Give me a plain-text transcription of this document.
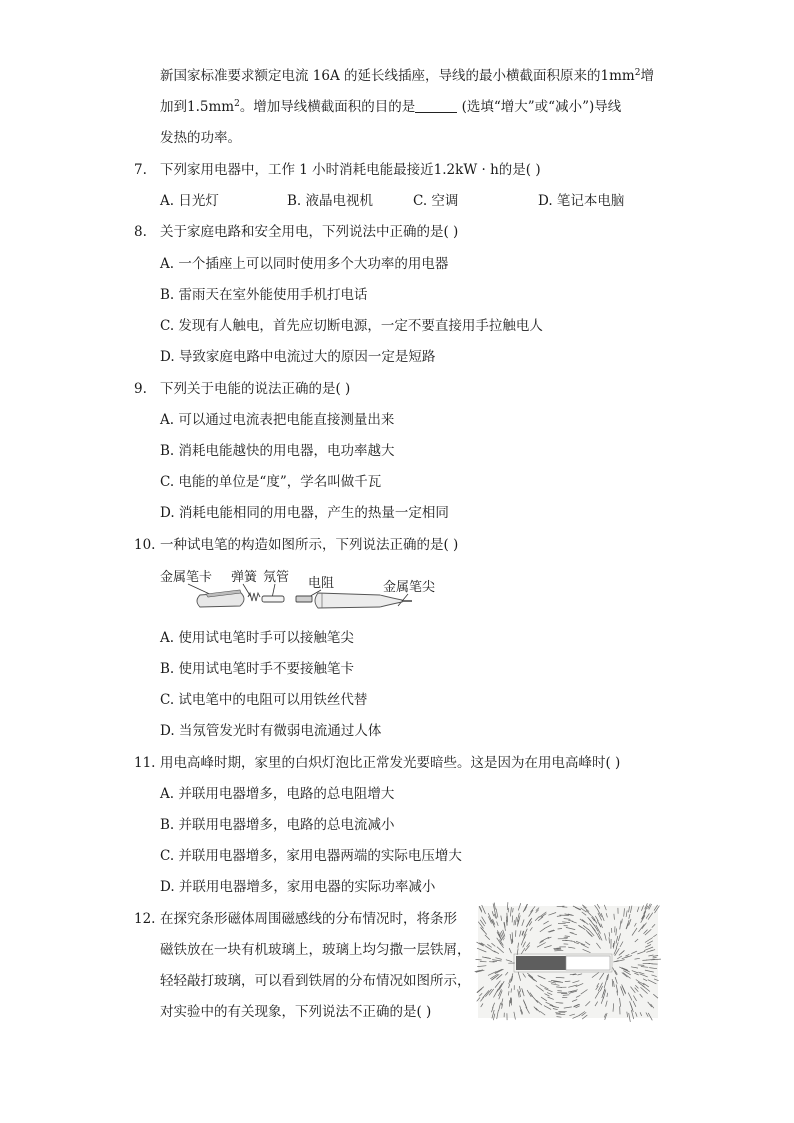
新国家标准要求额定电流 16A 的延长线插座，导线的最小横截面积原来的$1mm^2$增
加到$1.5mm^2$。增加导线横截面积的目的是	(选填“增大”或“减小”)导线
发热的功率。
7. 下列家用电器中，工作 1 小时消耗电能最接近1.2kW · h的是( )
A. 日光灯	B. 液晶电视机	C. 空调	D. 笔记本电脑
8. 关于家庭电路和安全用电，下列说法中正确的是( )
A. 一个插座上可以同时使用多个大功率的用电器
B. 雷雨天在室外能使用手机打电话
C. 发现有人触电，首先应切断电源，一定不要直接用手拉触电人
D. 导致家庭电路中电流过大的原因一定是短路
9. 下列关于电能的说法正确的是( )
A. 可以通过电流表把电能直接测量出来
B. 消耗电能越快的用电器，电功率越大
C. 电能的单位是“度”，学名叫做千瓦
D. 消耗电能相同的用电器，产生的热量一定相同
10. 一种试电笔的构造如图所示，下列说法正确的是( )
金属笔卡 弹簧 氖管 电阻	金属笔尖
A. 使用试电笔时手可以接触笔尖
B. 使用试电笔时手不要接触笔卡
C. 试电笔中的电阻可以用铁丝代替
D. 当氖管发光时有微弱电流通过人体
11. 用电高峰时期，家里的白炽灯泡比正常发光要暗些。这是因为在用电高峰时( )
A. 并联用电器增多，电路的总电阻增大
B. 并联用电器增多，电路的总电流减小
C. 并联用电器增多，家用电器两端的实际电压增大
D. 并联用电器增多，家用电器的实际功率减小
12. 在探究条形磁体周围磁感线的分布情况时，将条形
磁铁放在一块有机玻璃上，玻璃上均匀撒一层铁屑，
轻轻敲打玻璃，可以看到铁屑的分布情况如图所示，
对实验中的有关现象，下列说法不正确的是( )
